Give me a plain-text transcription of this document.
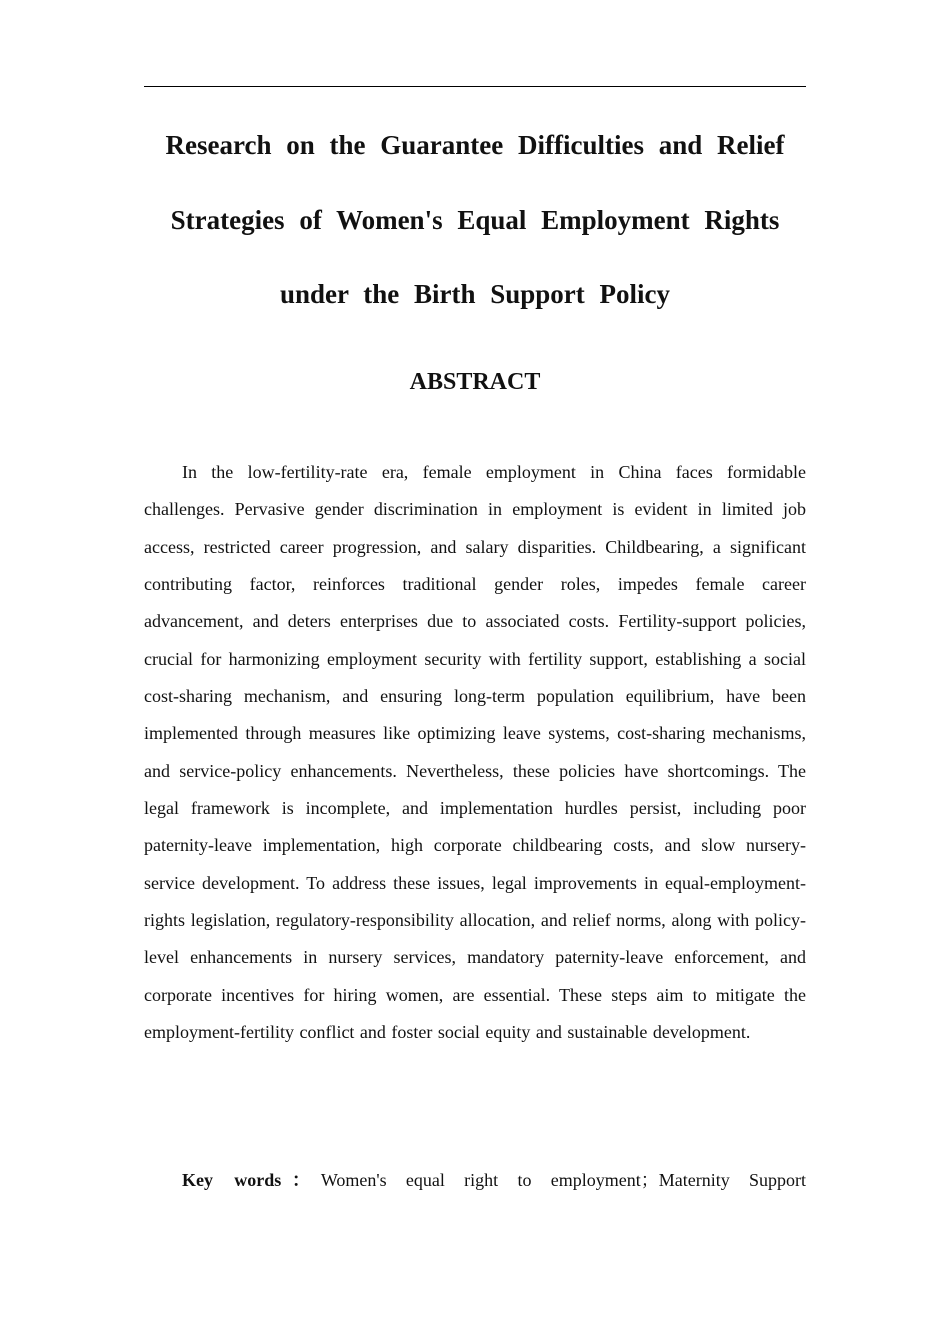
Research on the Guarantee Difficulties and Relief
Strategies of Women's Equal Employment Rights
under the Birth Support Policy
ABSTRACT

In the low-fertility-rate era, female employment in China faces formidable challenges. Pervasive gender discrimination in employment is evident in limited job access, restricted career progression, and salary disparities. Childbearing, a significant contributing factor, reinforces traditional gender roles, impedes female career advancement, and deters enterprises due to associated costs. Fertility-support policies, crucial for harmonizing employment security with fertility support, establishing a social cost-sharing mechanism, and ensuring long-term population equilibrium, have been implemented through measures like optimizing leave systems, cost-sharing mechanisms, and service-policy enhancements. Nevertheless, these policies have shortcomings. The legal framework is incomplete, and implementation hurdles persist, including poor paternity-leave implementation, high corporate childbearing costs, and slow nursery-service development. To address these issues, legal improvements in equal-employment-rights legislation, regulatory-responsibility allocation, and relief norms, along with policy-level enhancements in nursery services, mandatory paternity-leave enforcement, and corporate incentives for hiring women, are essential. These steps aim to mitigate the employment-fertility conflict and foster social equity and sustainable development.

Key words：Women's equal right to employment；Maternity Support
